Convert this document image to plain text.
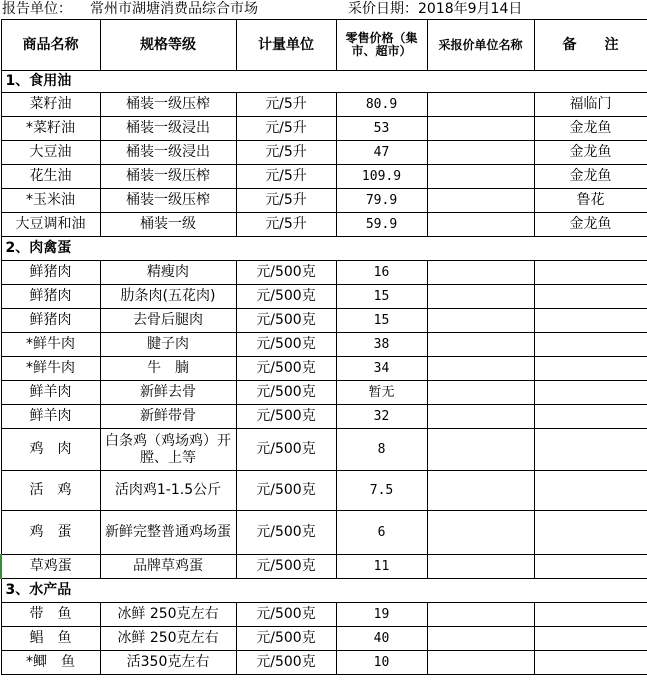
报告单位： 常州市湖塘消费品综合市场	采价日期：2018年9月14日
商品名称	规格等级	计量单位	零售价格（集市、超市）	采报价单位名称	备　　注
1、食用油					
菜籽油	桶装一级压榨	元/5升	80.9		福临门
*菜籽油	桶装一级浸出	元/5升	53		金龙鱼
大豆油	桶装一级浸出	元/5升	47		金龙鱼
花生油	桶装一级压榨	元/5升	109.9		金龙鱼
*玉米油	桶装一级压榨	元/5升	79.9		鲁花
大豆调和油	桶装一级	元/5升	59.9		金龙鱼
2、肉禽蛋					
鲜猪肉	精瘦肉	元/500克	16		
鲜猪肉	肋条肉(五花肉)	元/500克	15		
鲜猪肉	去骨后腿肉	元/500克	15		
*鲜牛肉	腱子肉	元/500克	38		
*鲜牛肉	牛　腩	元/500克	34		
鲜羊肉	新鲜去骨	元/500克	暂无		
鲜羊肉	新鲜带骨	元/500克	32		
鸡　肉	白条鸡（鸡场鸡）开膛、上等	元/500克	8		
活　鸡	活肉鸡1-1.5公斤	元/500克	7.5		
鸡　蛋	新鲜完整普通鸡场蛋	元/500克	6		
草鸡蛋	品牌草鸡蛋	元/500克	11		
3、水产品					
带　鱼	冰鲜 250克左右	元/500克	19		
鲳　鱼	冰鲜 250克左右	元/500克	40		
*鲫　鱼	活350克左右	元/500克	10		
